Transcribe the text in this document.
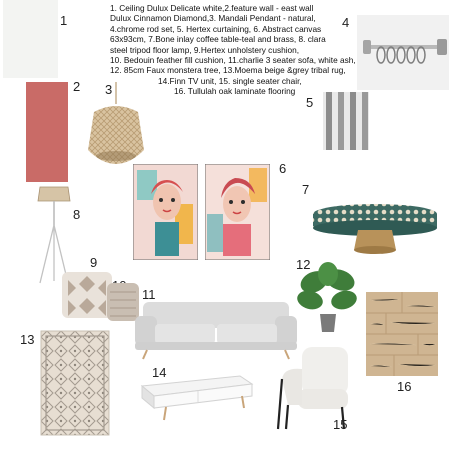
1. Ceiling Dulux Delicate white,2.feature wall - east wall
Dulux Cinnamon Diamond,3. Mandali Pendant - natural,
4.chrome rod set, 5. Hertex curtaining, 6. Abstract canvas
63x93cm, 7.Bone inlay coffee table-teal and brass, 8. clara
steel tripod floor lamp, 9.Hertex unholstery cushion,
10. Bedouin feather fill cushion, 11.charlie 3 seater sofa, white ash,
12. 85cm Faux monstera tree, 13.Moema beige &grey tribal rug,
14.Finn TV unit, 15. single seater chair,
16. Tullulah oak laminate flooring
1
2 3
4
5
6
7
8
9
11
12
13
14
15
16
